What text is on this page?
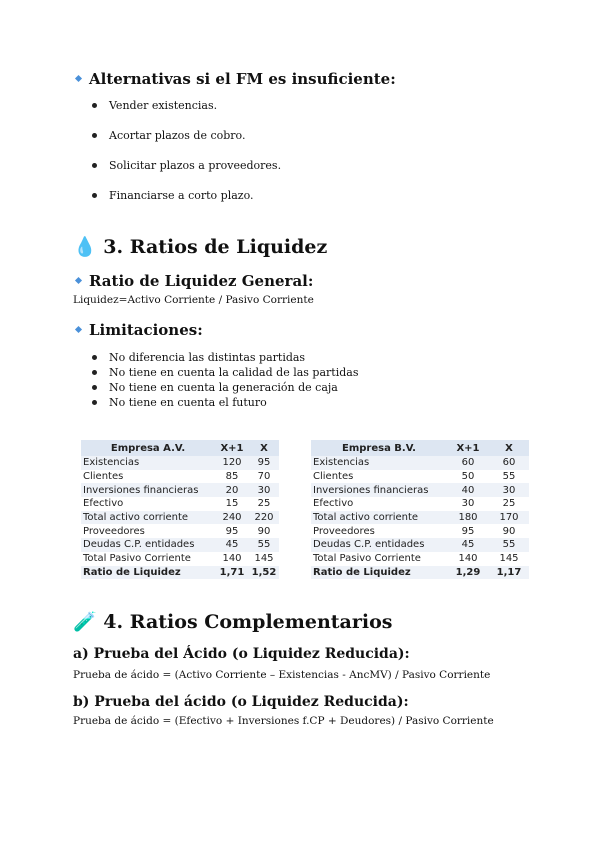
Alternativas si el FM es insuficiente:
Vender existencias.
Acortar plazos de cobro.
Solicitar plazos a proveedores.
Financiarse a corto plazo.
💧 3. Ratios de Liquidez
Ratio de Liquidez General:
Liquidez=Activo Corriente / Pasivo Corriente
Limitaciones:
No diferencia las distintas partidas
No tiene en cuenta la calidad de las partidas
No tiene en cuenta la generación de caja
No tiene en cuenta el futuro
Empresa A.V.	X+1	X
Existencias	120	95
Clientes	85	70
Inversiones financieras	20	30
Efectivo	15	25
Total activo corriente	240	220
Proveedores	95	90
Deudas C.P. entidades	45	55
Total Pasivo Corriente	140	145
Ratio de Liquidez	1,71	1,52
Empresa B.V.	X+1	X
Existencias	60	60
Clientes	50	55
Inversiones financieras	40	30
Efectivo	30	25
Total activo corriente	180	170
Proveedores	95	90
Deudas C.P. entidades	45	55
Total Pasivo Corriente	140	145
Ratio de Liquidez	1,29	1,17
🧪 4. Ratios Complementarios
a) Prueba del Ácido (o Liquidez Reducida):
Prueba de ácido = (Activo Corriente – Existencias - AncMV) / Pasivo Corriente
b) Prueba del ácido (o Liquidez Reducida):
Prueba de ácido = (Efectivo + Inversiones f.CP + Deudores) / Pasivo Corriente
